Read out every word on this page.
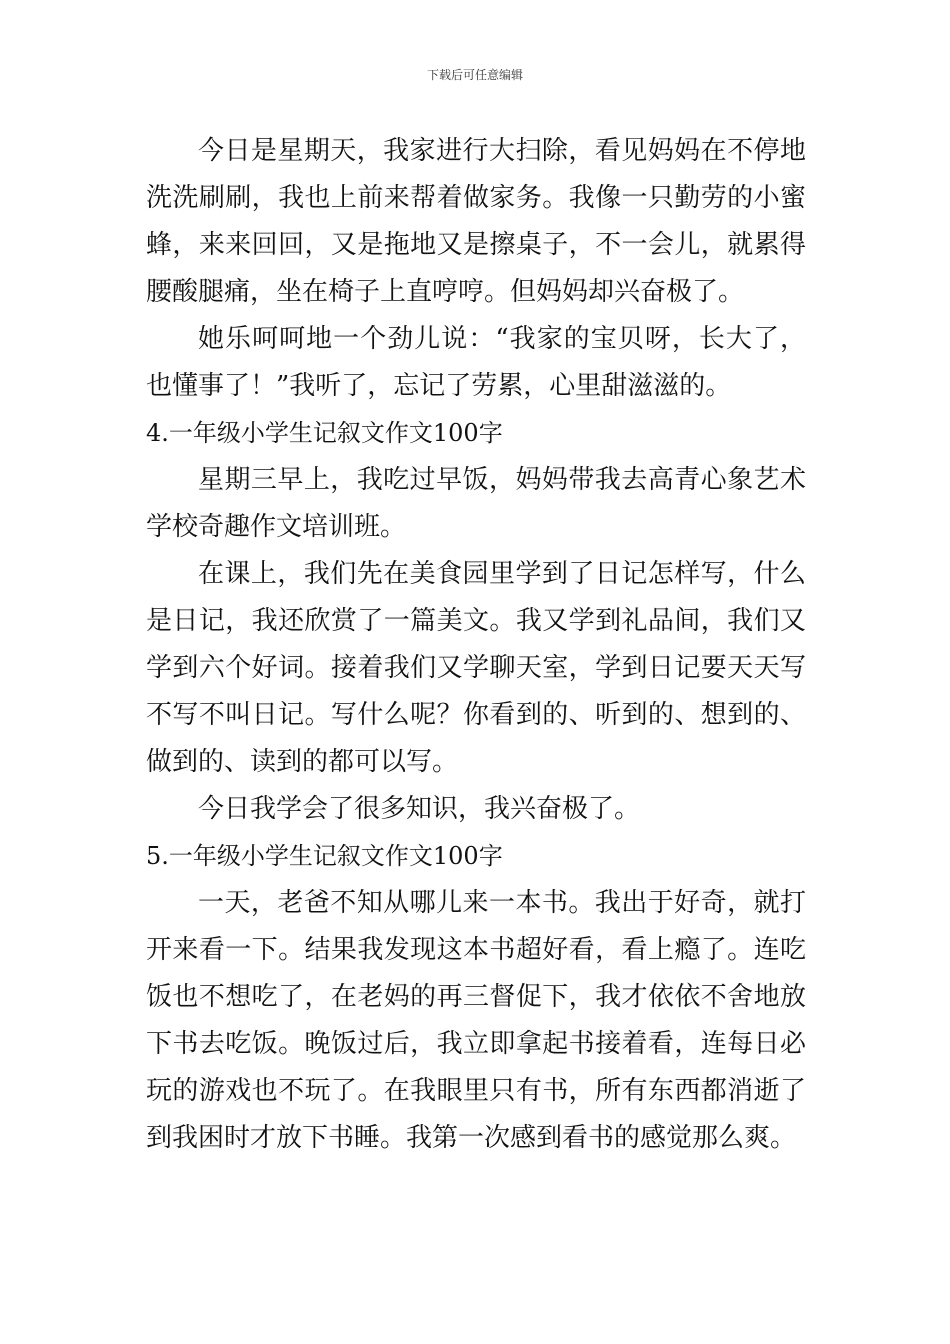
下载后可任意编辑

今日是星期天，我家进行大扫除，看见妈妈在不停地洗洗刷刷，我也上前来帮着做家务。我像一只勤劳的小蜜蜂，来来回回，又是拖地又是擦桌子，不一会儿，就累得腰酸腿痛，坐在椅子上直哼哼。但妈妈却兴奋极了。

她乐呵呵地一个劲儿说：“我家的宝贝呀，长大了，也懂事了！”我听了，忘记了劳累，心里甜滋滋的。

4.一年级小学生记叙文作文100字

星期三早上，我吃过早饭，妈妈带我去高青心象艺术学校奇趣作文培训班。

在课上，我们先在美食园里学到了日记怎样写，什么是日记，我还欣赏了一篇美文。我又学到礼品间，我们又学到六个好词。接着我们又学聊天室，学到日记要天天写不写不叫日记。写什么呢？你看到的、听到的、想到的、做到的、读到的都可以写。

今日我学会了很多知识，我兴奋极了。

5.一年级小学生记叙文作文100字

一天，老爸不知从哪儿来一本书。我出于好奇，就打开来看一下。结果我发现这本书超好看，看上瘾了。连吃饭也不想吃了，在老妈的再三督促下，我才依依不舍地放下书去吃饭。晚饭过后，我立即拿起书接着看，连每日必玩的游戏也不玩了。在我眼里只有书，所有东西都消逝了到我困时才放下书睡。我第一次感到看书的感觉那么爽。
